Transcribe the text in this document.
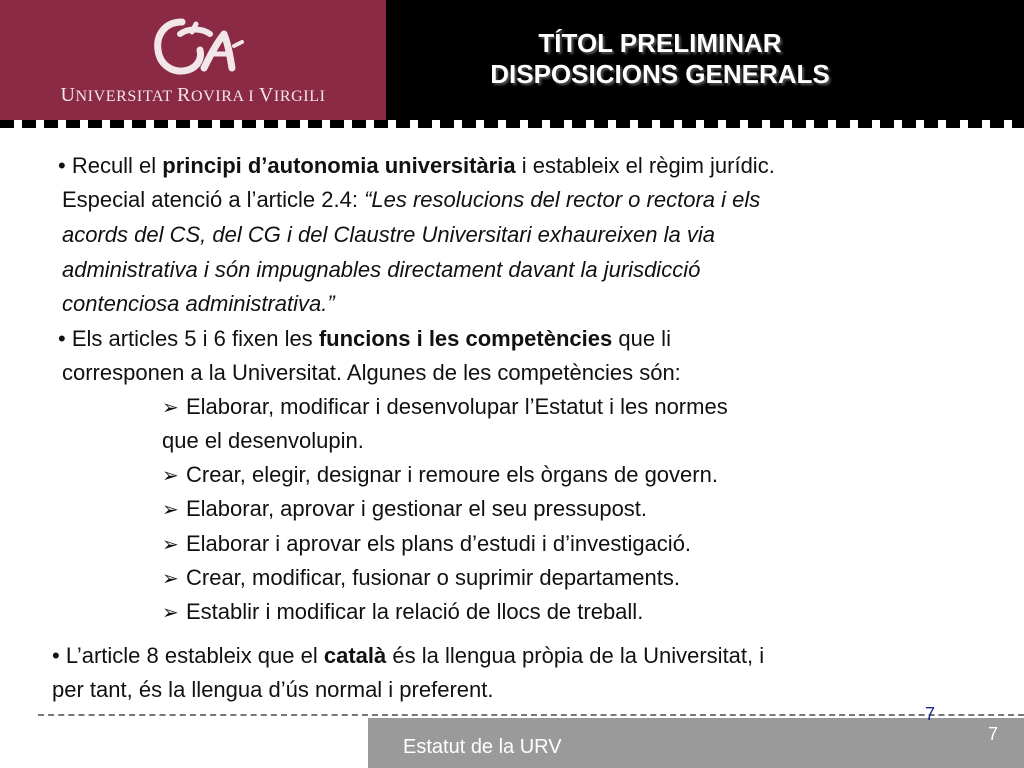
UNIVERSITAT ROVIRA I VIRGILI
TÍTOL PRELIMINAR
DISPOSICIONS GENERALS
• Recull el principi d’autonomia universitària i estableix el règim jurídic.
Especial atenció a l’article 2.4: “Les resolucions del rector o rectora i els
acords del CS, del CG i del Claustre Universitari exhaureixen la via
administrativa i són impugnables directament davant la jurisdicció
contenciosa administrativa.”
• Els articles 5 i 6 fixen les funcions i les competències que li
corresponen a la Universitat. Algunes de les competències són:
➢ Elaborar, modificar i desenvolupar l’Estatut i les normes
que el desenvolupin.
➢ Crear, elegir, designar i remoure els òrgans de govern.
➢ Elaborar, aprovar i gestionar el seu pressupost.
➢ Elaborar i aprovar els plans d’estudi i d’investigació.
➢ Crear, modificar, fusionar o suprimir departaments.
➢ Establir i modificar la relació de llocs de treball.
• L’article 8 estableix que el català és la llengua pròpia de la Universitat, i
per tant, és la llengua d’ús normal i preferent.
Estatut de la URV
7
7
